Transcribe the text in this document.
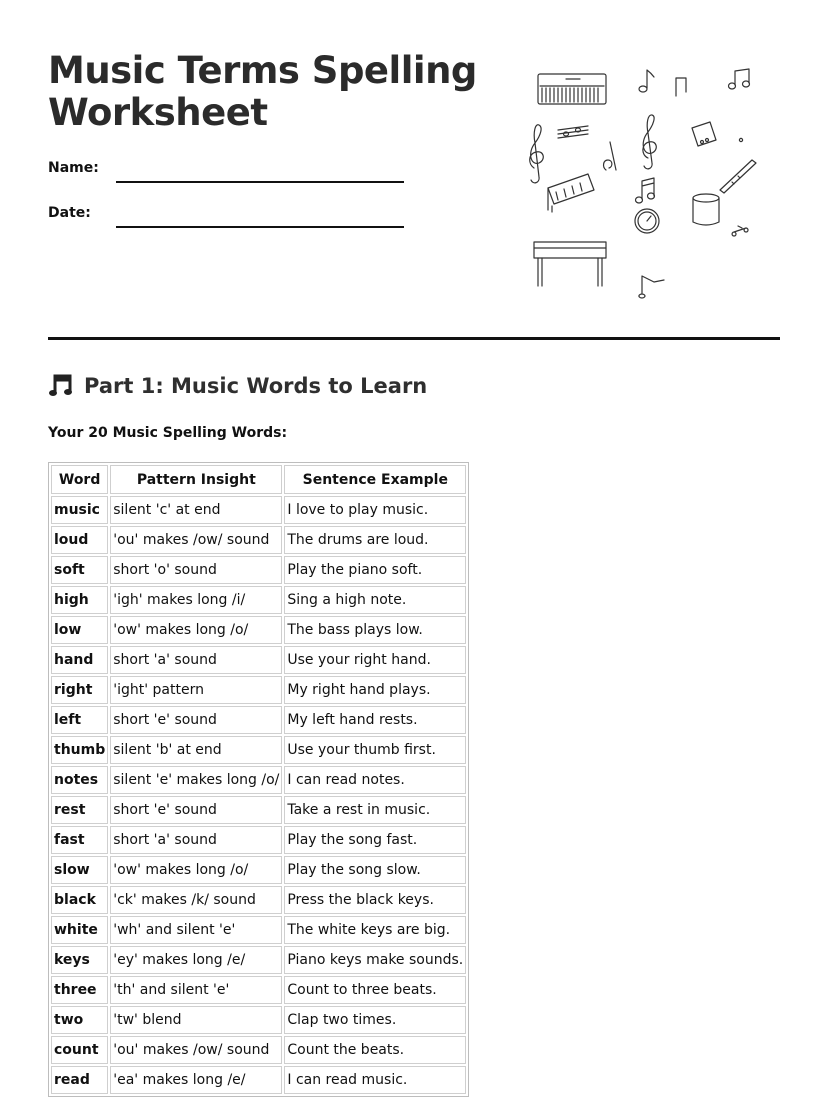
Music Terms Spelling Worksheet
Name:
Date:
Part 1: Music Words to Learn
Your 20 Music Spelling Words:
Word	Pattern Insight	Sentence Example
music	silent 'c' at end	I love to play music.
loud	'ou' makes /ow/ sound	The drums are loud.
soft	short 'o' sound	Play the piano soft.
high	'igh' makes long /i/	Sing a high note.
low	'ow' makes long /o/	The bass plays low.
hand	short 'a' sound	Use your right hand.
right	'ight' pattern	My right hand plays.
left	short 'e' sound	My left hand rests.
thumb	silent 'b' at end	Use your thumb first.
notes	silent 'e' makes long /o/	I can read notes.
rest	short 'e' sound	Take a rest in music.
fast	short 'a' sound	Play the song fast.
slow	'ow' makes long /o/	Play the song slow.
black	'ck' makes /k/ sound	Press the black keys.
white	'wh' and silent 'e'	The white keys are big.
keys	'ey' makes long /e/	Piano keys make sounds.
three	'th' and silent 'e'	Count to three beats.
two	'tw' blend	Clap two times.
count	'ou' makes /ow/ sound	Count the beats.
read	'ea' makes long /e/	I can read music.
